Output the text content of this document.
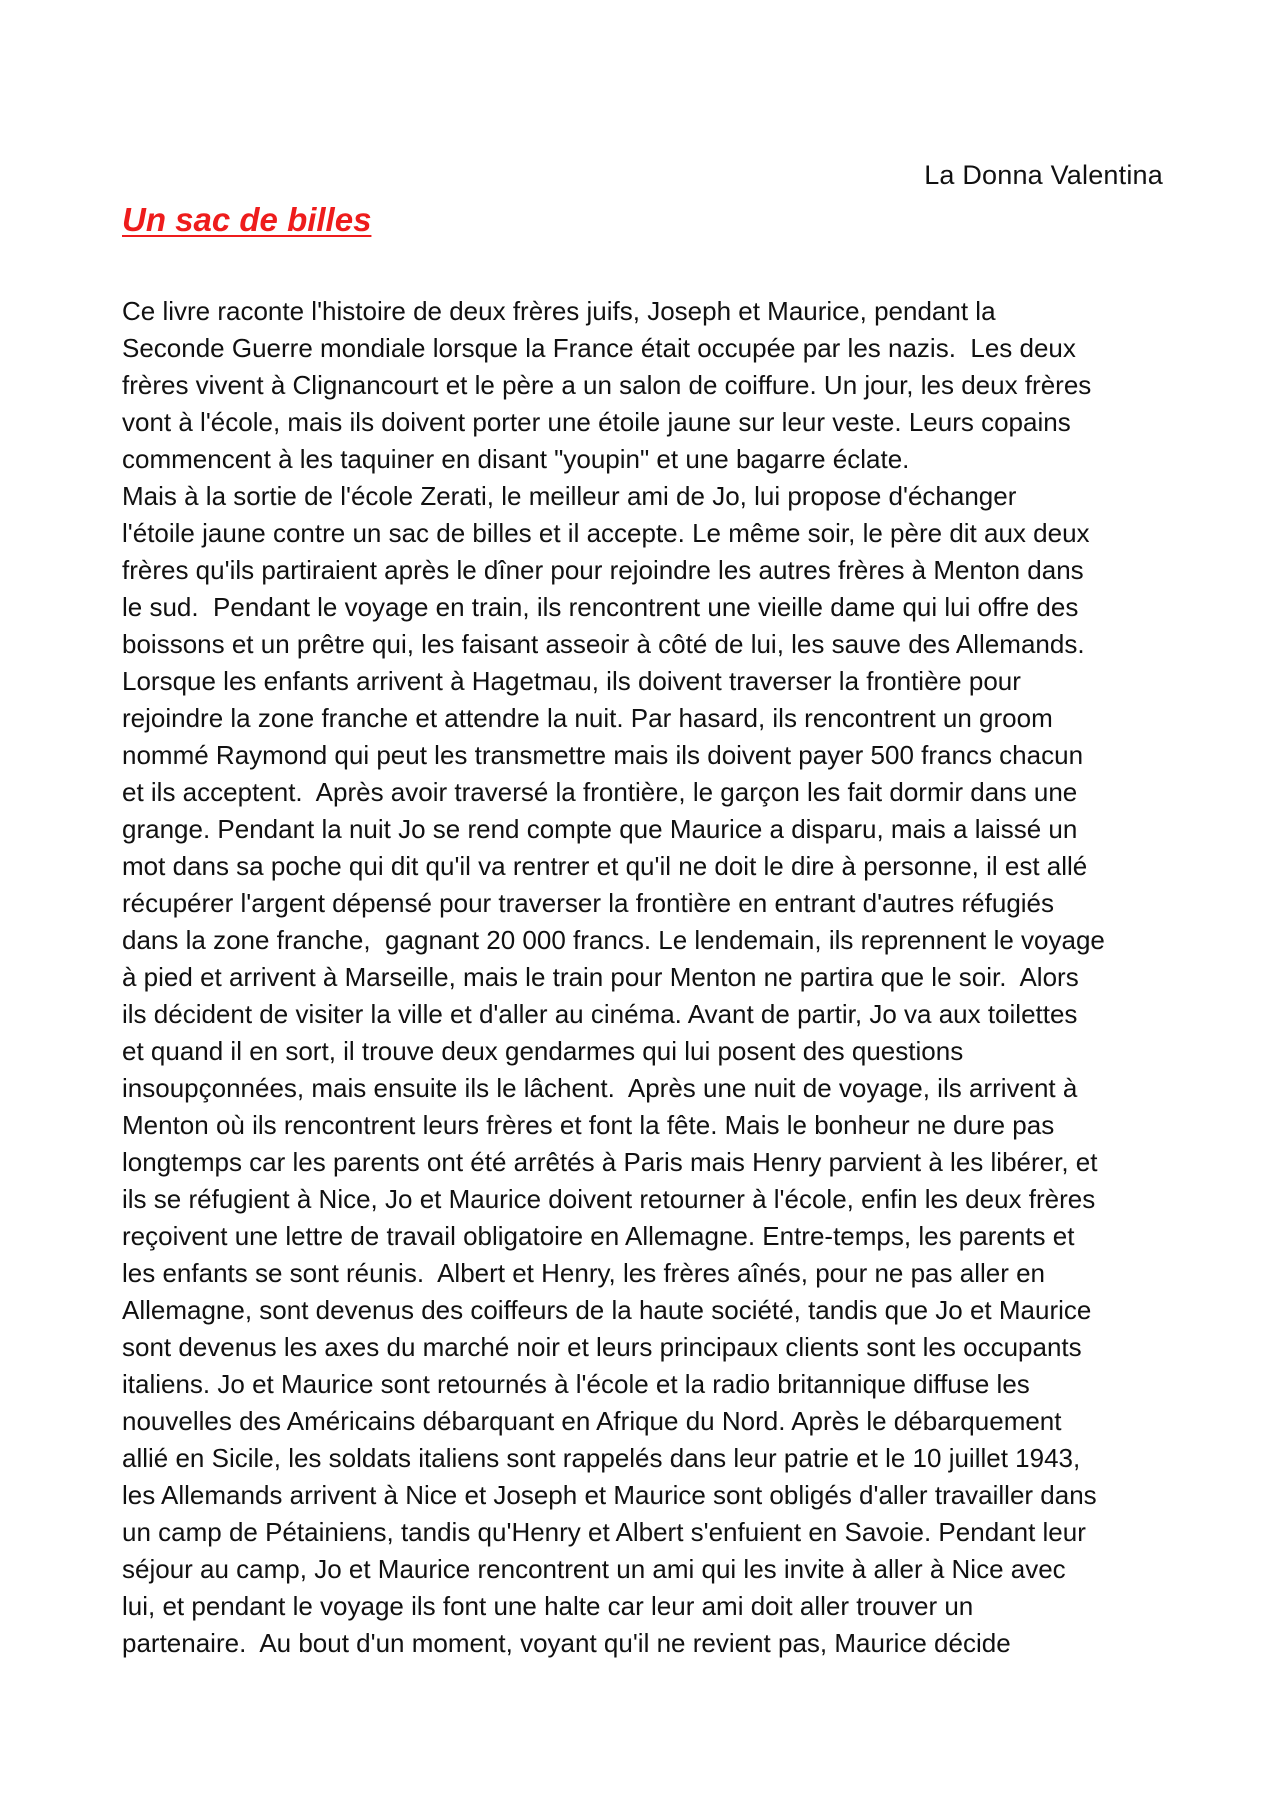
La Donna Valentina
Un sac de billes
Ce livre raconte l'histoire de deux frères juifs, Joseph et Maurice, pendant la
Seconde Guerre mondiale lorsque la France était occupée par les nazis.  Les deux
frères vivent à Clignancourt et le père a un salon de coiffure. Un jour, les deux frères
vont à l'école, mais ils doivent porter une étoile jaune sur leur veste. Leurs copains
commencent à les taquiner en disant "youpin" et une bagarre éclate.
Mais à la sortie de l'école Zerati, le meilleur ami de Jo, lui propose d'échanger
l'étoile jaune contre un sac de billes et il accepte. Le même soir, le père dit aux deux
frères qu'ils partiraient après le dîner pour rejoindre les autres frères à Menton dans
le sud.  Pendant le voyage en train, ils rencontrent une vieille dame qui lui offre des
boissons et un prêtre qui, les faisant asseoir à côté de lui, les sauve des Allemands.
Lorsque les enfants arrivent à Hagetmau, ils doivent traverser la frontière pour
rejoindre la zone franche et attendre la nuit. Par hasard, ils rencontrent un groom
nommé Raymond qui peut les transmettre mais ils doivent payer 500 francs chacun
et ils acceptent.  Après avoir traversé la frontière, le garçon les fait dormir dans une
grange. Pendant la nuit Jo se rend compte que Maurice a disparu, mais a laissé un
mot dans sa poche qui dit qu'il va rentrer et qu'il ne doit le dire à personne, il est allé
récupérer l'argent dépensé pour traverser la frontière en entrant d'autres réfugiés
dans la zone franche,  gagnant 20 000 francs. Le lendemain, ils reprennent le voyage
à pied et arrivent à Marseille, mais le train pour Menton ne partira que le soir.  Alors
ils décident de visiter la ville et d'aller au cinéma. Avant de partir, Jo va aux toilettes
et quand il en sort, il trouve deux gendarmes qui lui posent des questions
insoupçonnées, mais ensuite ils le lâchent.  Après une nuit de voyage, ils arrivent à
Menton où ils rencontrent leurs frères et font la fête. Mais le bonheur ne dure pas
longtemps car les parents ont été arrêtés à Paris mais Henry parvient à les libérer, et
ils se réfugient à Nice, Jo et Maurice doivent retourner à l'école, enfin les deux frères
reçoivent une lettre de travail obligatoire en Allemagne. Entre-temps, les parents et
les enfants se sont réunis.  Albert et Henry, les frères aînés, pour ne pas aller en
Allemagne, sont devenus des coiffeurs de la haute société, tandis que Jo et Maurice
sont devenus les axes du marché noir et leurs principaux clients sont les occupants
italiens. Jo et Maurice sont retournés à l'école et la radio britannique diffuse les
nouvelles des Américains débarquant en Afrique du Nord. Après le débarquement
allié en Sicile, les soldats italiens sont rappelés dans leur patrie et le 10 juillet 1943,
les Allemands arrivent à Nice et Joseph et Maurice sont obligés d'aller travailler dans
un camp de Pétainiens, tandis qu'Henry et Albert s'enfuient en Savoie. Pendant leur
séjour au camp, Jo et Maurice rencontrent un ami qui les invite à aller à Nice avec
lui, et pendant le voyage ils font une halte car leur ami doit aller trouver un
partenaire.  Au bout d'un moment, voyant qu'il ne revient pas, Maurice décide
